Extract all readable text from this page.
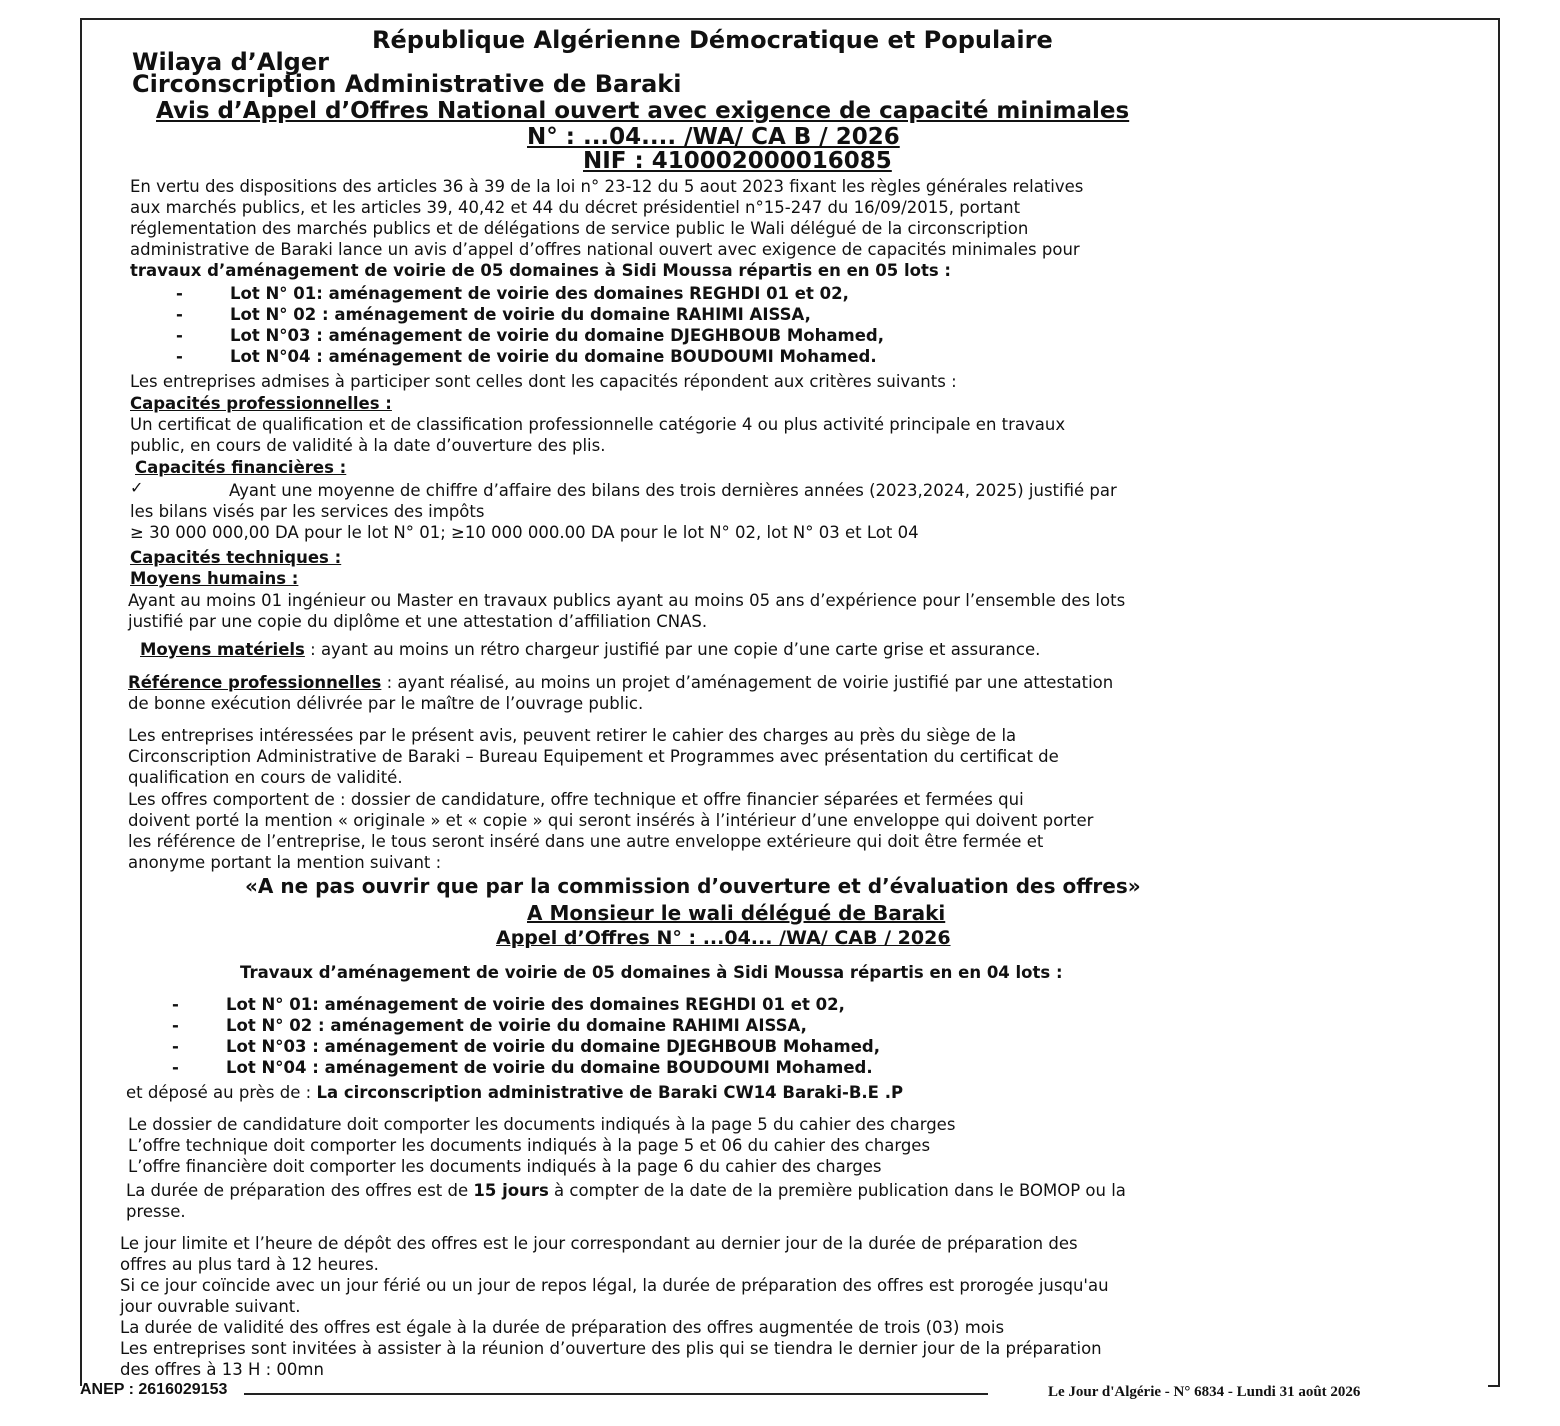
République Algérienne Démocratique et Populaire
Wilaya d’Alger
Circonscription Administrative de Baraki
Avis d’Appel d’Offres National ouvert avec exigence de capacité minimales
N° : ...04.... /WA/ CA B / 2026
NIF : 410002000016085
En vertu des dispositions des articles 36 à 39 de la loi n° 23-12 du 5 aout 2023 fixant les règles générales relatives
aux marchés publics, et les articles 39, 40,42 et 44 du décret présidentiel n°15-247 du 16/09/2015, portant
réglementation des marchés publics et de délégations de service public le Wali délégué de la circonscription
administrative de Baraki lance un avis d’appel d’offres national ouvert avec exigence de capacités minimales pour
travaux d’aménagement de voirie de 05 domaines à Sidi Moussa répartis en en 05 lots :
-	Lot N° 01: aménagement de voirie des domaines REGHDI 01 et 02,
-	Lot N° 02 : aménagement de voirie du domaine RAHIMI AISSA,
-	Lot N°03 : aménagement de voirie du domaine DJEGHBOUB Mohamed,
-	Lot N°04 : aménagement de voirie du domaine BOUDOUMI Mohamed.
Les entreprises admises à participer sont celles dont les capacités répondent aux critères suivants :
Capacités professionnelles :
Un certificat de qualification et de classification professionnelle catégorie 4 ou plus activité principale en travaux
public, en cours de validité à la date d’ouverture des plis.
Capacités financières :
✓	Ayant une moyenne de chiffre d’affaire des bilans des trois dernières années (2023,2024, 2025) justifié par
les bilans visés par les services des impôts
≥ 30 000 000,00 DA pour le lot N° 01; ≥10 000 000.00 DA pour le lot N° 02, lot N° 03 et Lot 04
Capacités techniques :
Moyens humains :
Ayant au moins 01 ingénieur ou Master en travaux publics ayant au moins 05 ans d’expérience pour l’ensemble des lots
justifié par une copie du diplôme et une attestation d’affiliation CNAS.
Moyens matériels : ayant au moins un rétro chargeur justifié par une copie d’une carte grise et assurance.
Référence professionnelles : ayant réalisé, au moins un projet d’aménagement de voirie justifié par une attestation
de bonne exécution délivrée par le maître de l’ouvrage public.
Les entreprises intéressées par le présent avis, peuvent retirer le cahier des charges au près du siège de la
Circonscription Administrative de Baraki – Bureau Equipement et Programmes avec présentation du certificat de
qualification en cours de validité.
Les offres comportent de : dossier de candidature, offre technique et offre financier séparées et fermées qui
doivent porté la mention « originale » et « copie » qui seront insérés à l’intérieur d’une enveloppe qui doivent porter
les référence de l’entreprise, le tous seront inséré dans une autre enveloppe extérieure qui doit être fermée et
anonyme portant la mention suivant :
«A ne pas ouvrir que par la commission d’ouverture et d’évaluation des offres»
A Monsieur le wali délégué de Baraki
Appel d’Offres N° : ...04... /WA/ CAB / 2026
Travaux d’aménagement de voirie de 05 domaines à Sidi Moussa répartis en en 04 lots :
-	Lot N° 01: aménagement de voirie des domaines REGHDI 01 et 02,
-	Lot N° 02 : aménagement de voirie du domaine RAHIMI AISSA,
-	Lot N°03 : aménagement de voirie du domaine DJEGHBOUB Mohamed,
-	Lot N°04 : aménagement de voirie du domaine BOUDOUMI Mohamed.
et déposé au près de : La circonscription administrative de Baraki CW14 Baraki-B.E .P
Le dossier de candidature doit comporter les documents indiqués à la page 5 du cahier des charges
L’offre technique doit comporter les documents indiqués à la page 5 et 06 du cahier des charges
L’offre financière doit comporter les documents indiqués à la page 6 du cahier des charges
La durée de préparation des offres est de 15 jours à compter de la date de la première publication dans le BOMOP ou la
presse.
Le jour limite et l’heure de dépôt des offres est le jour correspondant au dernier jour de la durée de préparation des
offres au plus tard à 12 heures.
Si ce jour coïncide avec un jour férié ou un jour de repos légal, la durée de préparation des offres est prorogée jusqu'au
jour ouvrable suivant.
La durée de validité des offres est égale à la durée de préparation des offres augmentée de trois (03) mois
Les entreprises sont invitées à assister à la réunion d’ouverture des plis qui se tiendra le dernier jour de la préparation
des offres à 13 H : 00mn
ANEP : 2616029153	Le Jour d'Algérie - N° 6834 - Lundi 31 août 2026
